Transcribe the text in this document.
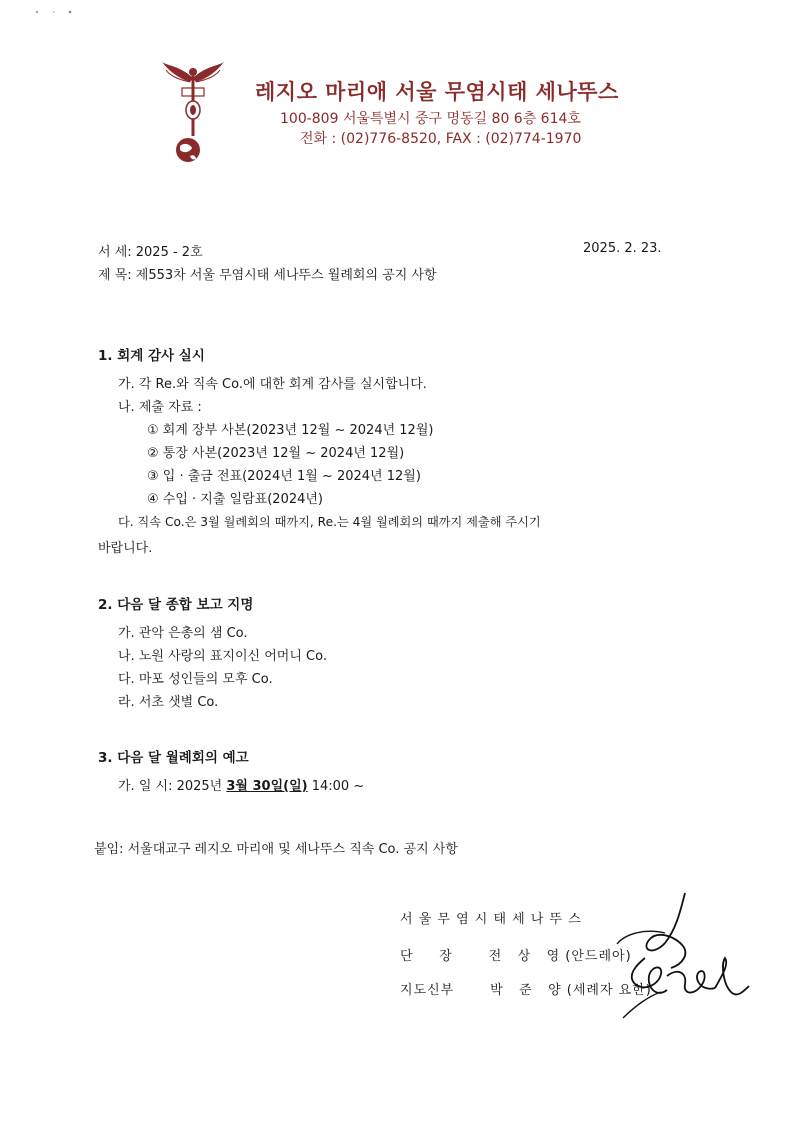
레지오 마리애 서울 무염시태 세나뚜스
100-809 서울특별시 중구 명동길 80 6층 614호
전화 : (02)776-8520, FAX : (02)774-1970
서 세: 2025 - 2호	2025. 2. 23.
제 목: 제553차 서울 무염시태 세나뚜스 월례회의 공지 사항
1. 회계 감사 실시
가. 각 Re.와 직속 Co.에 대한 회계 감사를 실시합니다.
나. 제출 자료 :
① 회계 장부 사본(2023년 12월 ~ 2024년 12월)
② 통장 사본(2023년 12월 ~ 2024년 12월)
③ 입 · 출금 전표(2024년 1월 ~ 2024년 12월)
④ 수입 · 지출 일람표(2024년)
다. 직속 Co.은 3월 월례회의 때까지, Re.는 4월 월례회의 때까지 제출해 주시기
바랍니다.
2. 다음 달 종합 보고 지명
가. 관악 은총의 샘 Co.
나. 노원 사랑의 표지이신 어머니 Co.
다. 마포 성인들의 모후 Co.
라. 서초 샛별 Co.
3. 다음 달 월례회의 예고
가. 일 시: 2025년 3월 30일(일) 14:00 ~
붙임: 서울대교구 레지오 마리애 및 세나뚜스 직속 Co. 공지 사항
서 울 무 염 시 태 세 나 뚜 스
단     장       전   상   영 (안드레아)
지도신부       박   준   양 (세례자 요한)
